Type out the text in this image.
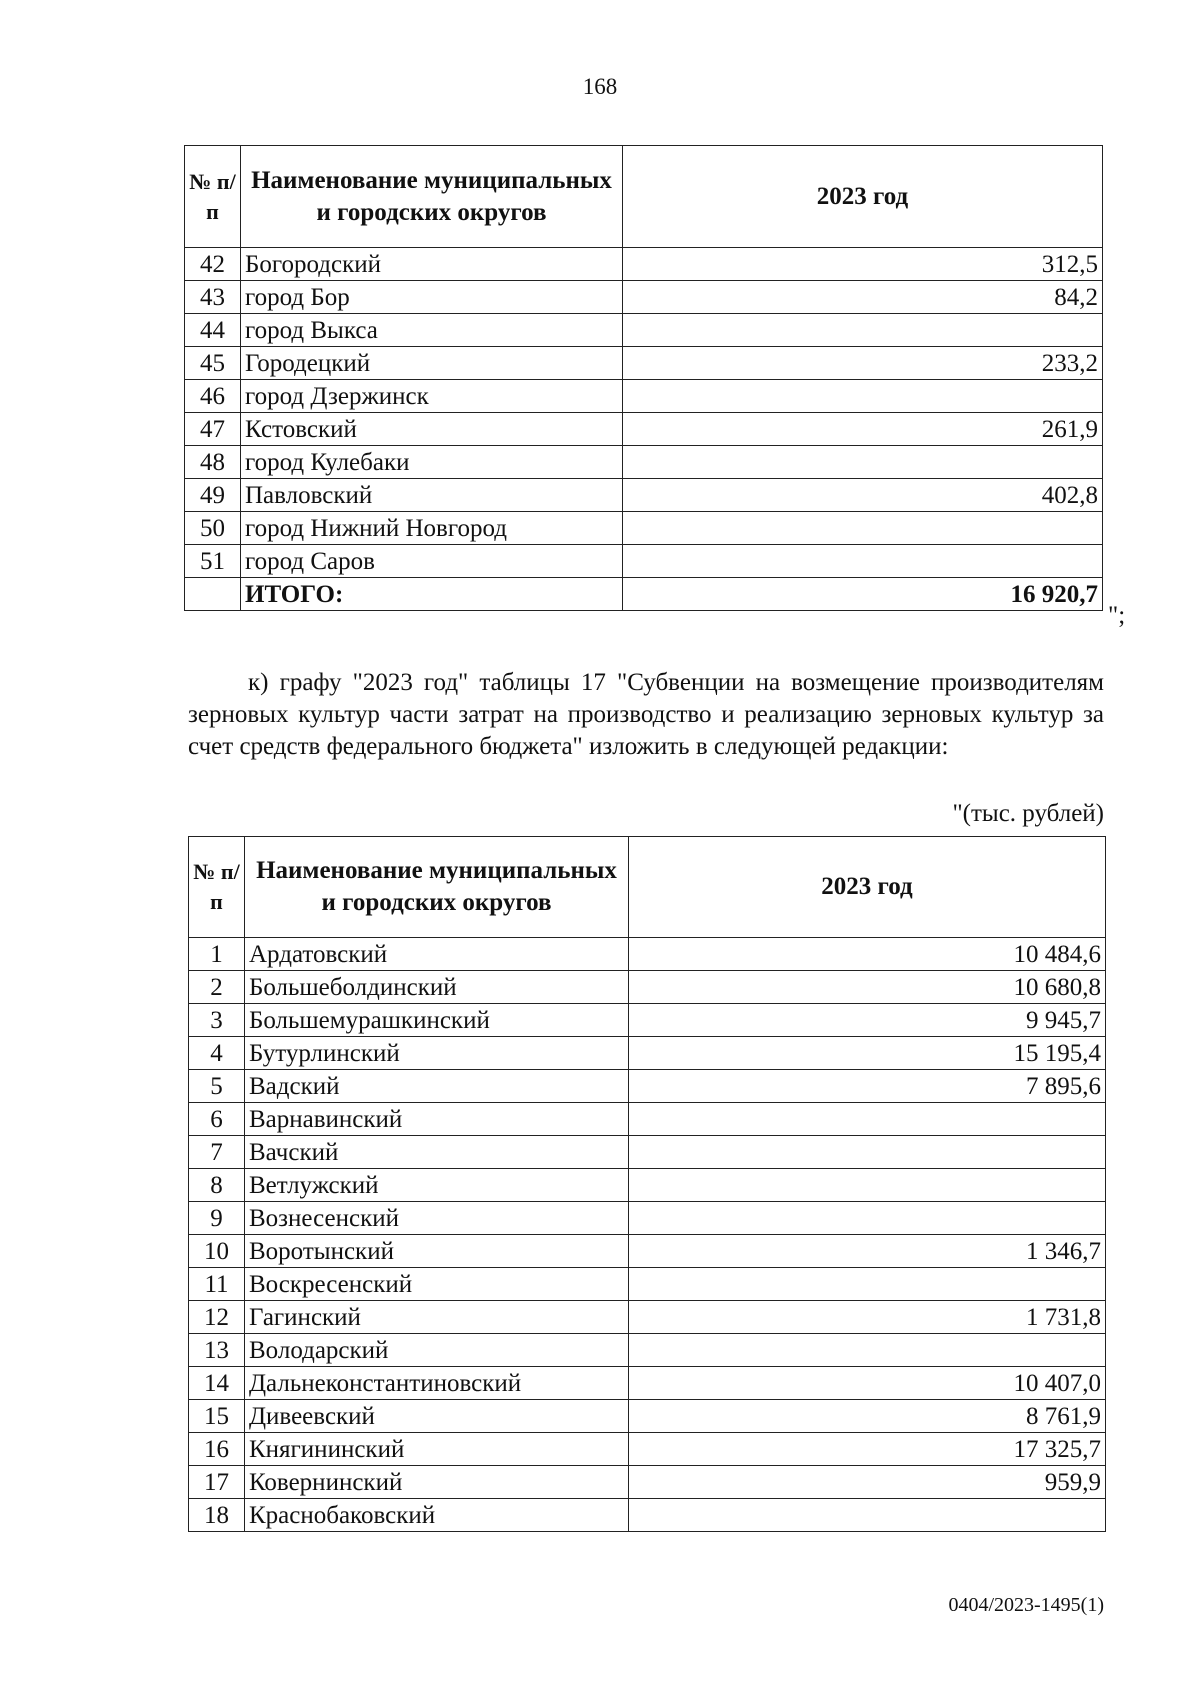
168
№ п/п	Наименование муниципальных и городских округов	2023 год
42	Богородский	312,5
43	город Бор	84,2
44	город Выкса	
45	Городецкий	233,2
46	город Дзержинск	
47	Кстовский	261,9
48	город Кулебаки	
49	Павловский	402,8
50	город Нижний Новгород	
51	город Саров	
	ИТОГО:	16 920,7
";

к) графу "2023 год" таблицы 17 "Субвенции на возмещение производителям зерновых культур части затрат на производство и реализацию зерновых культур за счет средств федерального бюджета" изложить в следующей редакции:

"(тыс. рублей)
№ п/п	Наименование муниципальных и городских округов	2023 год
1	Ардатовский	10 484,6
2	Большеболдинский	10 680,8
3	Большемурашкинский	9 945,7
4	Бутурлинский	15 195,4
5	Вадский	7 895,6
6	Варнавинский	
7	Вачский	
8	Ветлужский	
9	Вознесенский	
10	Воротынский	1 346,7
11	Воскресенский	
12	Гагинский	1 731,8
13	Володарский	
14	Дальнеконстантиновский	10 407,0
15	Дивеевский	8 761,9
16	Княгининский	17 325,7
17	Ковернинский	959,9
18	Краснобаковский	
0404/2023-1495(1)
